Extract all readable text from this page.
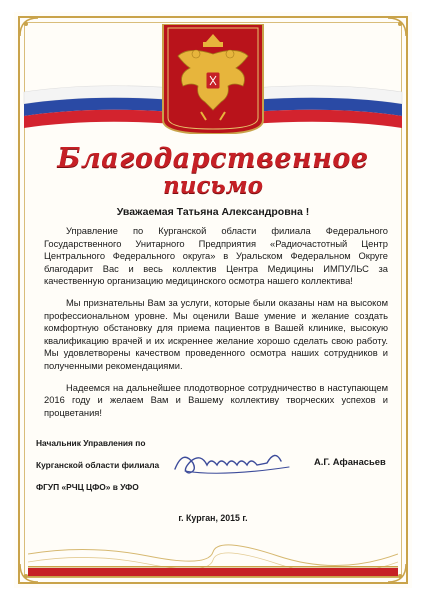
Благодарственное
письмо
Уважаемая Татьяна Александровна !

Управление по Курганской области филиала Федерального Государственного Унитарного Предприятия «Радиочастотный Центр Центрального Федерального округа» в Уральском Федеральном Округе благодарит Вас и весь коллектив Центра Медицины ИМПУЛЬС за качественную организацию медицинского осмотра нашего коллектива!

Мы признательны Вам за услуги, которые были оказаны нам на высоком профессиональном уровне. Мы оценили Ваше умение и желание создать комфортную обстановку для приема пациентов в Вашей клинике, высокую квалификацию врачей и их искреннее желание хорошо сделать свою работу. Мы удовлетворены качеством проведенного осмотра наших сотрудников и полученными рекомендациями.

Надеемся на дальнейшее плодотворное сотрудничество в наступающем 2016 году и желаем Вам и Вашему коллективу творческих успехов и процветания!

Начальник Управления по
Курганской области филиала
ФГУП «РЧЦ ЦФО» в УФО
А.Г. Афанасьев
г. Курган, 2015 г.
